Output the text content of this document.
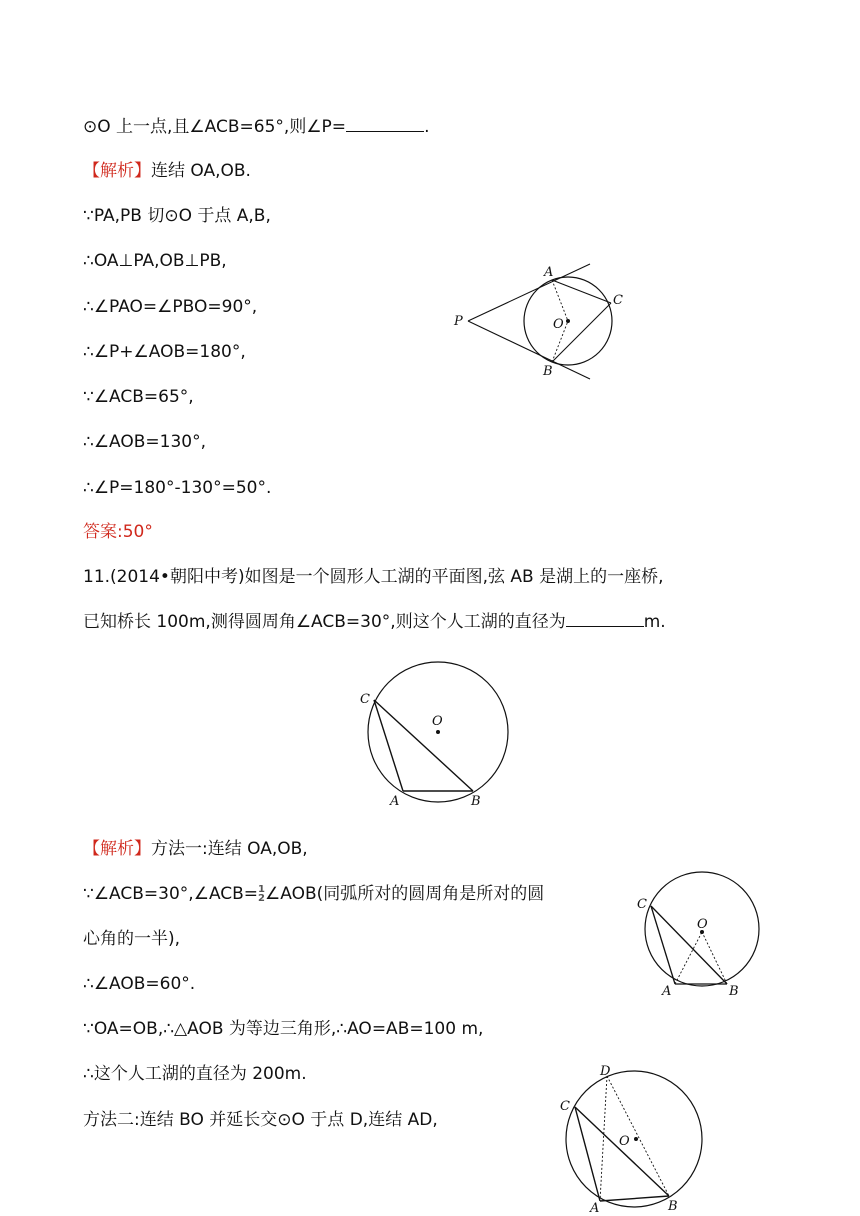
⊙O 上一点,且∠ACB=65°,则∠P=	.
【解析】连结 OA,OB.
∵PA,PB 切⊙O 于点 A,B,
∴OA⊥PA,OB⊥PB,
∴∠PAO=∠PBO=90°,
∴∠P+∠AOB=180°,
∵∠ACB=65°,
∴∠AOB=130°,
∴∠P=180°-130°=50°.
答案:50°
A
B
C
O
P
11.(2014•朝阳中考)如图是一个圆形人工湖的平面图,弦 AB 是湖上的一座桥,
已知桥长 100m,测得圆周角∠ACB=30°,则这个人工湖的直径为	m.
C
O
A	B
【解析】方法一:连结 OA,OB,
∵∠ACB=30°,∠ACB= 1
2 ∠AOB(同弧所对的圆周角是所对的圆
心角的一半),
∴∠AOB=60°.
∵OA=OB,∴△AOB 为等边三角形,∴AO=AB=100 m,
∴这个人工湖的直径为 200m.
方法二:连结 BO 并延长交⊙O 于点 D,连结 AD,
C
O
A	B
D
C
O
A	B
